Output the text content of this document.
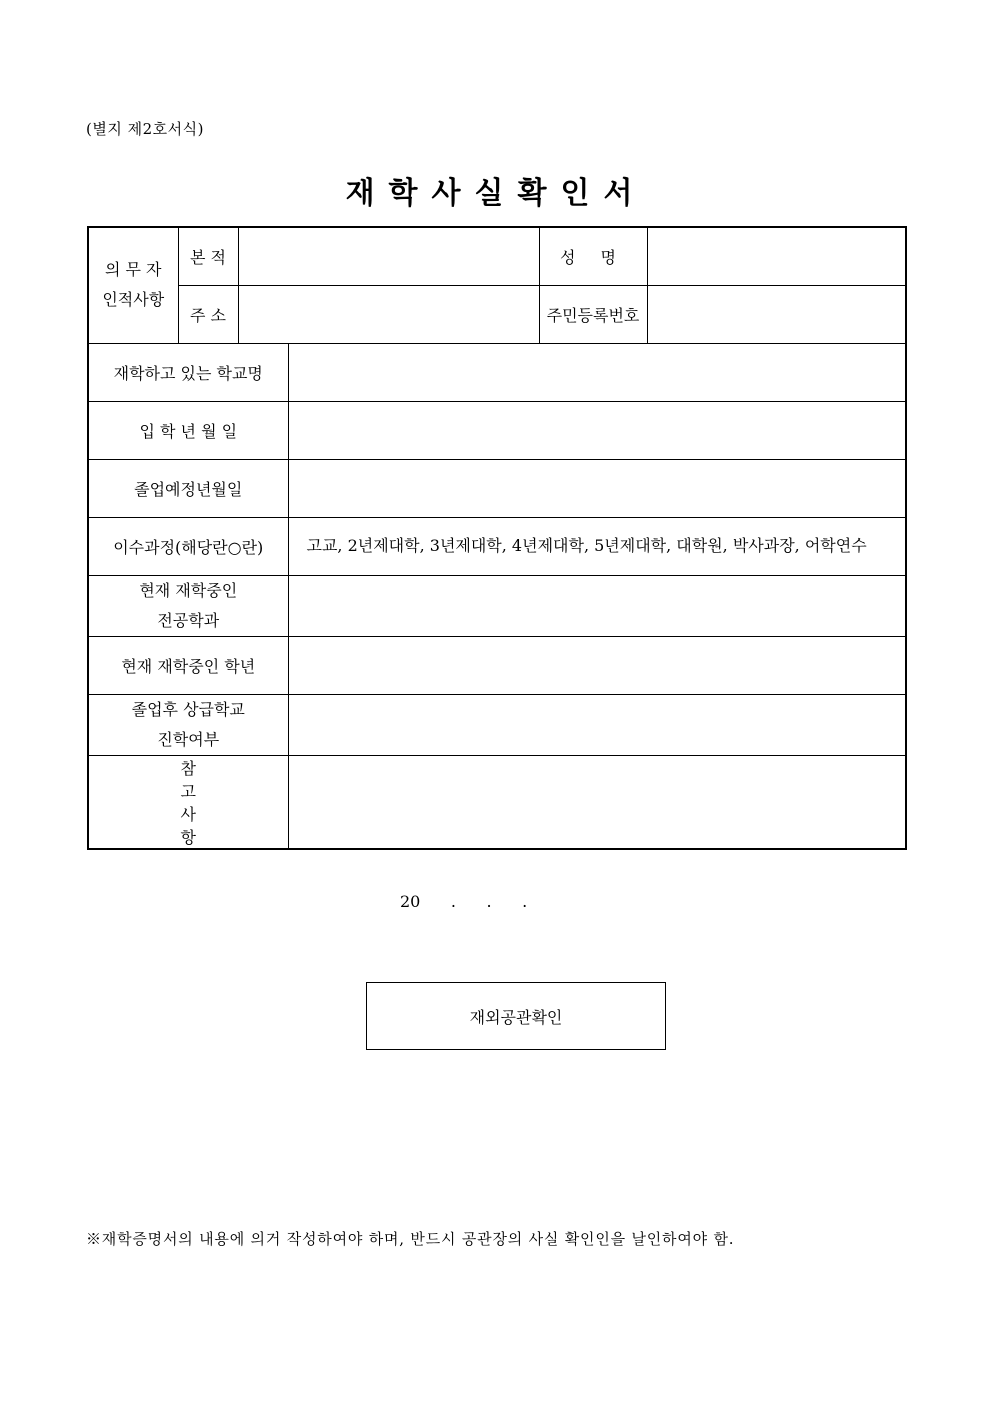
(별지 제2호서식)
재학사실확인서
의 무 자
인적사항	본 적			성 명	
	주 소			주민등록번호	
재학하고 있는 학교명					
입 학 년 월 일					
졸업예정년월일					
이수과정(해당란○란)			고교, 2년제대학, 3년제대학, 4년제대학, 5년제대학, 대학원, 박사과장, 어학연수		

현재 재학중인
전공학과					

현재 재학중인 학년					

졸업후 상급학교
진학여부					

참 고 사 항					
20      .      .      .
재외공관확인
※재학증명서의 내용에 의거 작성하여야 하며, 반드시 공관장의 사실 확인인을 날인하여야 함.
